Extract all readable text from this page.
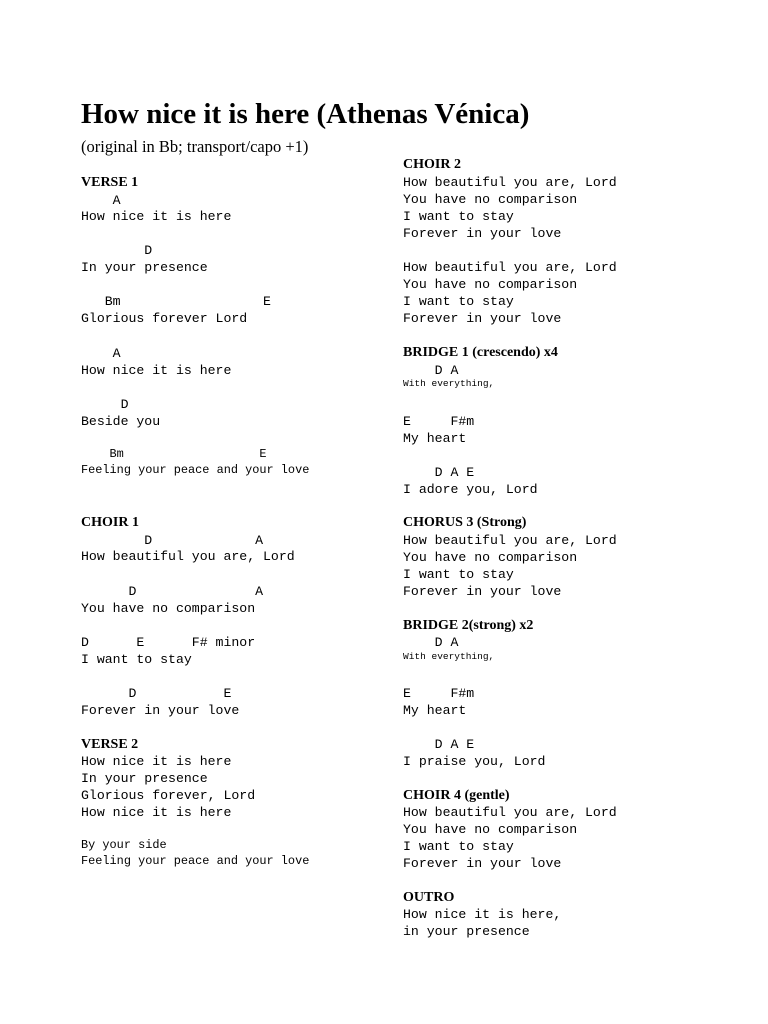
How nice it is here (Athenas Vénica)
(original in Bb; transport/capo +1)
VERSE 1
A
How nice it is here
D
In your presence
Bm                  E
Glorious forever Lord
A
How nice it is here
D
Beside you
Bm                   E
Feeling your peace and your love
CHOIR 1
D             A
How beautiful you are, Lord
D               A
You have no comparison
D      E      F# minor
I want to stay
D           E
Forever in your love
VERSE 2
How nice it is here
In your presence
Glorious forever, Lord
How nice it is here
By your side
Feeling your peace and your love
CHOIR 2
How beautiful you are, Lord
You have no comparison
I want to stay
Forever in your love
How beautiful you are, Lord
You have no comparison
I want to stay
Forever in your love
BRIDGE 1 (crescendo) x4
D A
With everything,
E     F#m
My heart
D A E
I adore you, Lord
CHORUS 3 (Strong)
How beautiful you are, Lord
You have no comparison
I want to stay
Forever in your love
BRIDGE 2(strong) x2
D A
With everything,
E     F#m
My heart
D A E
I praise you, Lord
CHOIR 4 (gentle)
How beautiful you are, Lord
You have no comparison
I want to stay
Forever in your love
OUTRO
How nice it is here,
in your presence
